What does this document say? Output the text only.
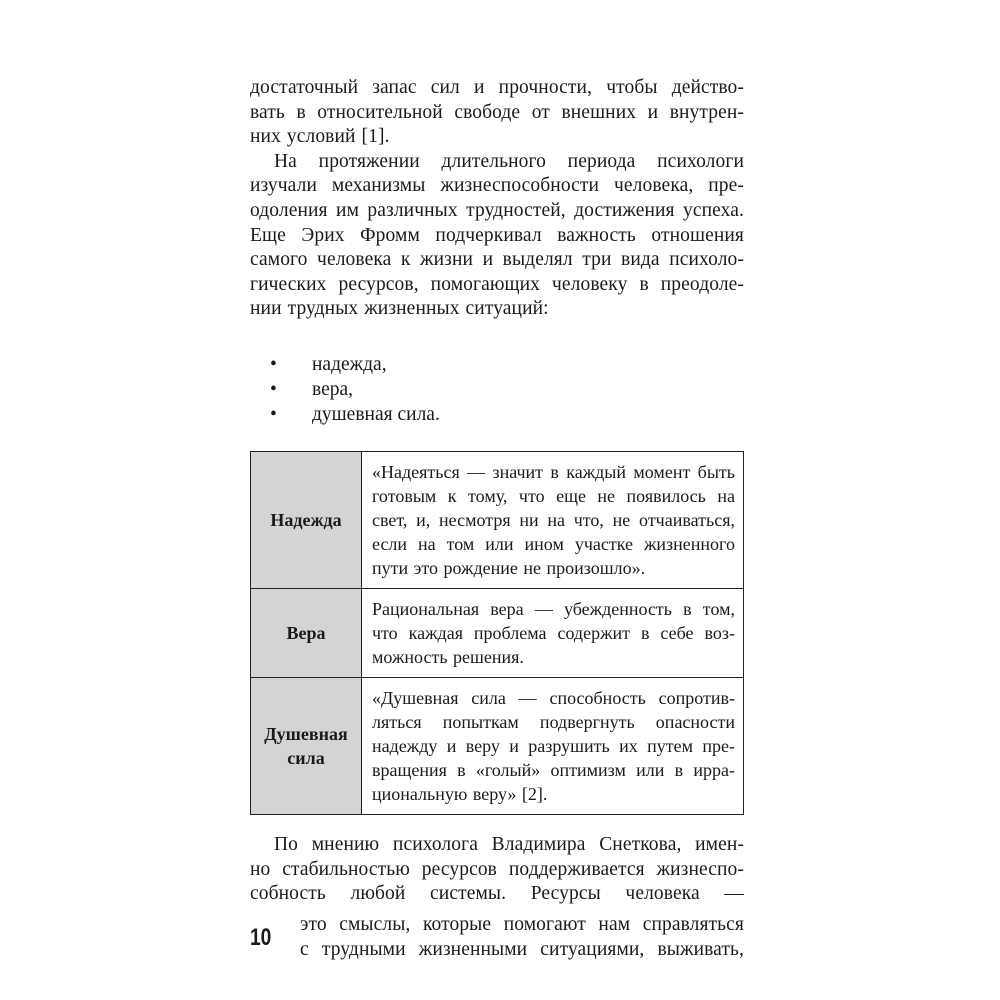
достаточный запас сил и прочности, чтобы действо-
вать в относительной свободе от внешних и внутрен-
них условий [1].

На протяжении длительного периода психологи
изучали механизмы жизнеспособности человека, пре-
одоления им различных трудностей, достижения успеха.
Еще Эрих Фромм подчеркивал важность отношения
самого человека к жизни и выделял три вида психоло-
гических ресурсов, помогающих человеку в преодоле-
нии трудных жизненных ситуаций:

• надежда,
• вера,
• душевная сила.
Надежда	«Надеяться — значит в каждый момент быть
готовым к тому, что еще не появилось на
свет, и, несмотря ни на что, не отчаиваться,
если на том или ином участке жизненного
пути это рождение не произошло».

Вера	Рациональная вера — убежденность в том,
что каждая проблема содержит в себе воз-
можность решения.

Душевная
сила	«Душевная сила — способность сопротив-
ляться попыткам подвергнуть опасности
надежду и веру и разрушить их путем пре-
вращения в «голый» оптимизм или в ирра-
циональную веру» [2].

По мнению психолога Владимира Снеткова, имен-
но стабильностью ресурсов поддерживается жизнеспо-
собность любой системы. Ресурсы человека —

это смыслы, которые помогают нам справляться
с трудными жизненными ситуациями, выживать,

10
